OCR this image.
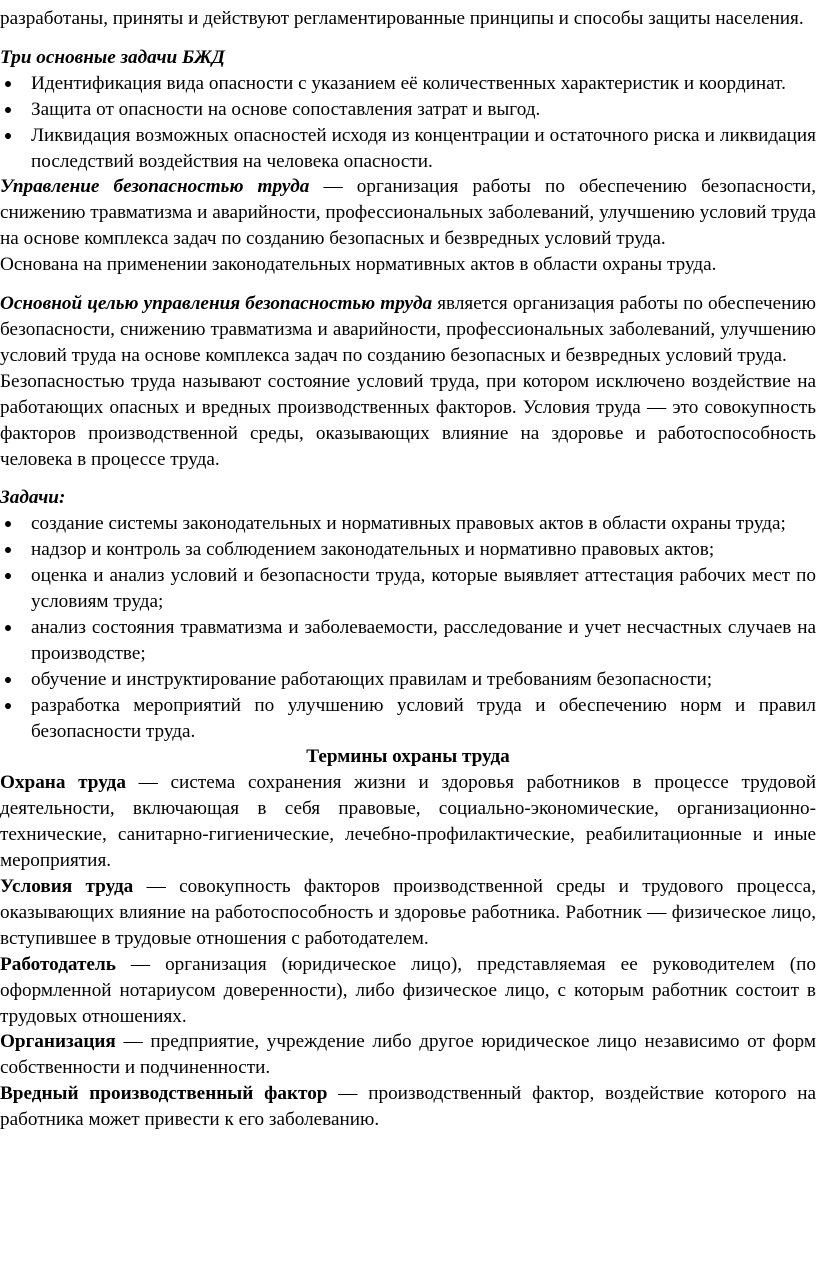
разработаны, приняты и действуют регламентированные принципы и способы защиты населения.

Три основные задачи БЖД

Идентификация вида опасности с указанием её количественных характеристик и координат.
Защита от опасности на основе сопоставления затрат и выгод.
Ликвидация возможных опасностей исходя из концентрации и остаточного риска и ликвидация последствий воздействия на человека опасности.

Управление безопасностью труда — организация работы по обеспечению безопасности, снижению травматизма и аварийности, профессиональных заболеваний, улучшению условий труда на основе комплекса задач по созданию безопасных и безвредных условий труда.

Основана на применении законодательных нормативных актов в области охраны труда.

Основной целью управления безопасностью труда является организация работы по обеспечению безопасности, снижению травматизма и аварийности, профессиональных заболеваний, улучшению условий труда на основе комплекса задач по созданию безопасных и безвредных условий труда.

Безопасностью труда называют состояние условий труда, при котором исключено воздействие на работающих опасных и вредных производственных факторов. Условия труда — это совокупность факторов производственной среды, оказывающих влияние на здоровье и работоспособность человека в процессе труда.

Задачи:

создание системы законодательных и нормативных правовых актов в области охраны труда;
надзор и контроль за соблюдением законодательных и нормативно правовых актов;
оценка и анализ условий и безопасности труда, которые выявляет аттестация рабочих мест по условиям труда;
анализ состояния травматизма и заболеваемости, расследование и учет несчастных случаев на производстве;
обучение и инструктирование работающих правилам и требованиям безопасности;
разработка мероприятий по улучшению условий труда и обеспечению норм и правил безопасности труда.
Термины охраны труда

Охрана труда — система сохранения жизни и здоровья работников в процессе трудовой деятельности, включающая в себя правовые, социально-экономические, организационно-технические, санитарно-гигиенические, лечебно-профилактические, реабилитационные и иные мероприятия.

Условия труда — совокупность факторов производственной среды и трудового процесса, оказывающих влияние на работоспособность и здоровье работника. Работник — физическое лицо, вступившее в трудовые отношения с работодателем.

Работодатель — организация (юридическое лицо), представляемая ее руководителем (по оформленной нотариусом доверенности), либо физическое лицо, с которым работник состоит в трудовых отношениях.

Организация — предприятие, учреждение либо другое юридическое лицо независимо от форм собственности и подчиненности.

Вредный производственный фактор — производственный фактор, воздействие которого на работника может привести к его заболеванию.
